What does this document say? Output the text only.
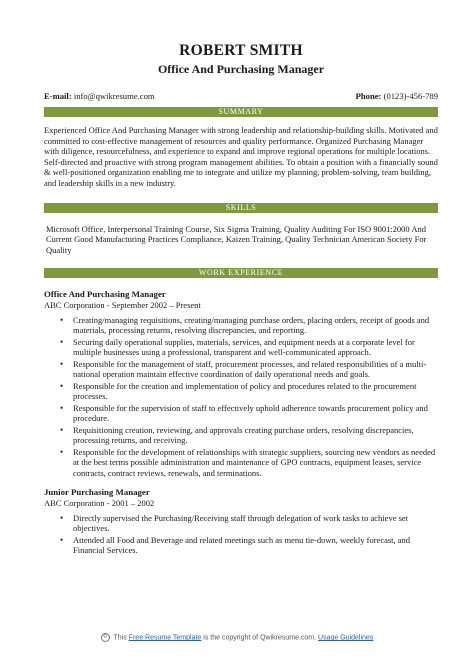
ROBERT SMITH
Office And Purchasing Manager
E-mail: info@qwikresume.com	Phone: (0123)-456-789
SUMMARY
Experienced Office And Purchasing Manager with strong leadership and relationship-building skills. Motivated and committed to cost-effective management of resources and quality performance. Organized Purchasing Manager with diligence, resourcefulness, and experience to expand and improve regional operations for multiple locations. Self-directed and proactive with strong program management abilities. To obtain a position with a financially sound & well-positioned organization enabling me to integrate and utilize my planning, problem-solving, team building, and leadership skills in a new industry.
SKILLS
Microsoft Office, Interpersonal Training Course, Six Sigma Training, Quality Auditing For ISO 9001:2000 And Current Good Manufacturing Practices Compliance, Kaizen Training, Quality Technician American Society For Quality
WORK EXPERIENCE
Office And Purchasing Manager
ABC Corporation - September 2002 – Present
• Creating/managing requisitions, creating/managing purchase orders, placing orders, receipt of goods and materials, processing returns, resolving discrepancies, and reporting.
• Securing daily operational supplies, materials, services, and equipment needs at a corporate level for multiple businesses using a professional, transparent and well-communicated approach.
• Responsible for the management of staff, procurement processes, and related responsibilities of a multi-national operation maintain effective coordination of daily operational needs and goals.
• Responsible for the creation and implementation of policy and procedures related to the procurement processes.
• Responsible for the supervision of staff to effectively uphold adherence towards procurement policy and procedure.
• Requisitioning creation, reviewing, and approvals creating purchase orders, resolving discrepancies, processing returns, and receiving.
• Responsible for the development of relationships with strategic suppliers, sourcing new vendors as needed at the best terms possible administration and maintenance of GPO contracts, equipment leases, service contracts, contract reviews, renewals, and terminations.
Junior Purchasing Manager
ABC Corporation - 2001 – 2002
• Directly supervised the Purchasing/Receiving staff through delegation of work tasks to achieve set objectives.
• Attended all Food and Beverage and related meetings such as menu tie-down, weekly forecast, and Financial Services.
© This Free Resume Template is the copyright of Qwikresume.com. Usage Guidelines
